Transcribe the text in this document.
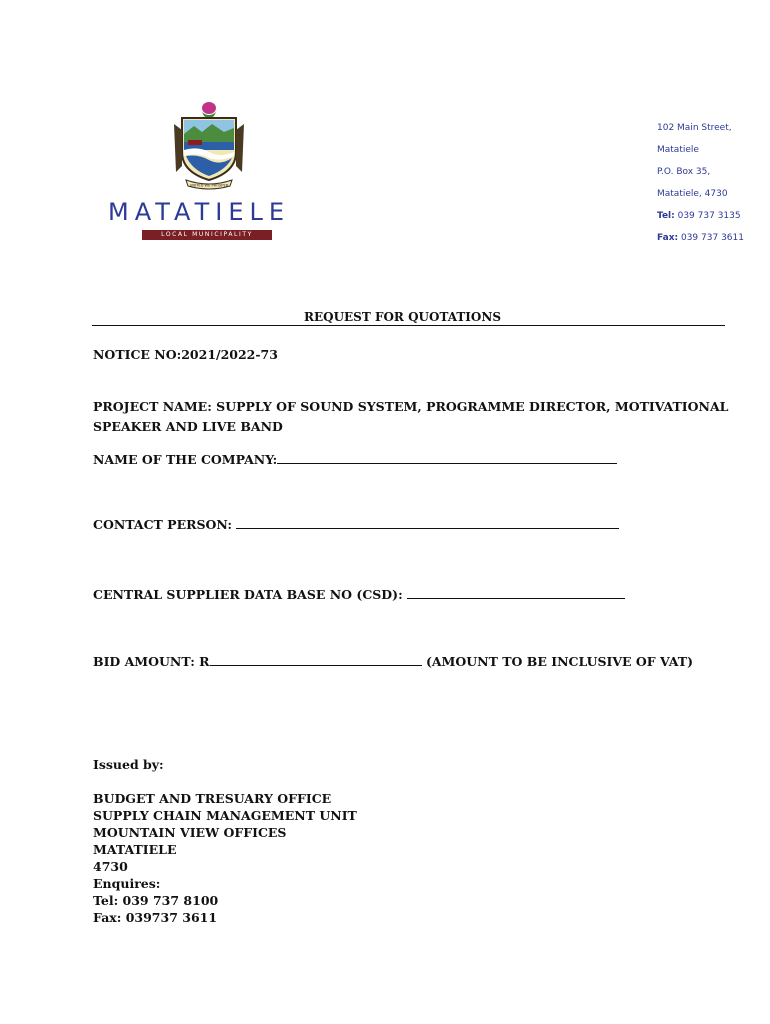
UNITED WE PROSPER
MATATIELE
LOCAL MUNICIPALITY
102 Main Street,
Matatiele
P.O. Box 35,
Matatiele, 4730
Tel: 039 737 3135
Fax: 039 737 3611
REQUEST FOR QUOTATIONS
NOTICE NO:2021/2022-73
PROJECT NAME: SUPPLY OF SOUND SYSTEM, PROGRAMME DIRECTOR, MOTIVATIONAL
SPEAKER AND LIVE BAND
NAME OF THE COMPANY:
CONTACT PERSON:
CENTRAL SUPPLIER DATA BASE NO (CSD):
BID AMOUNT: R	(AMOUNT TO BE INCLUSIVE OF VAT)
Issued by:
BUDGET AND TRESUARY OFFICE
SUPPLY CHAIN MANAGEMENT UNIT
MOUNTAIN VIEW OFFICES
MATATIELE
4730
Enquires:
Tel: 039 737 8100
Fax: 039737 3611
